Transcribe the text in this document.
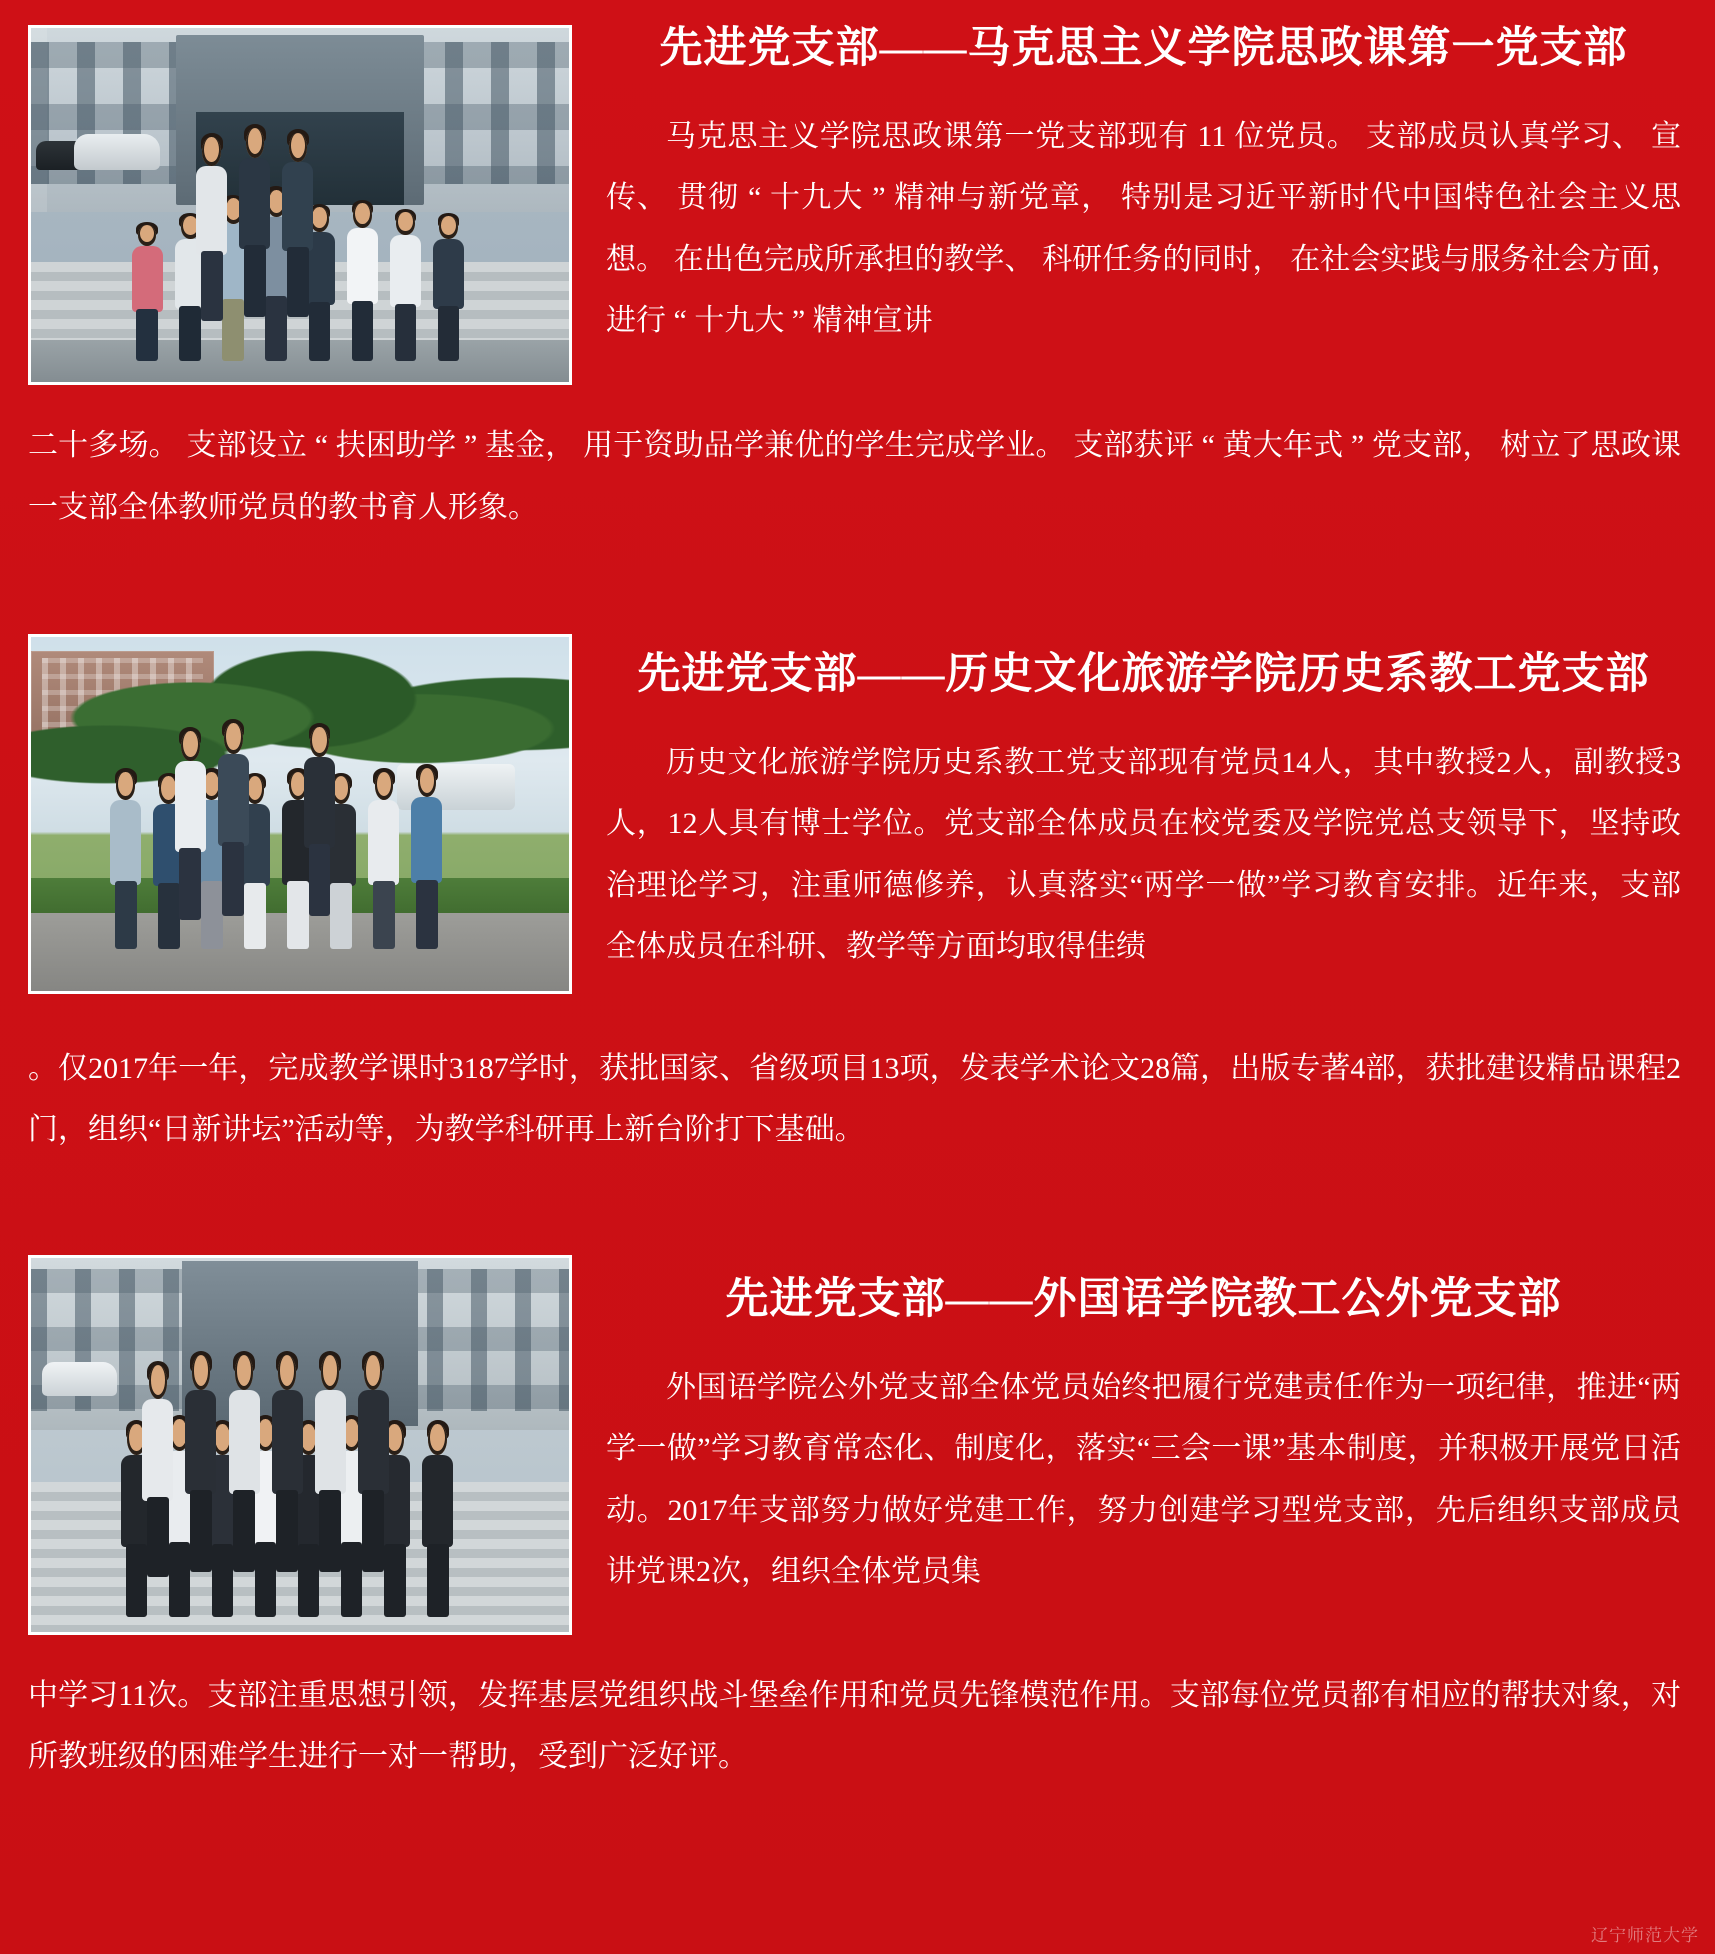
先进党支部——马克思主义学院思政课第一党支部

马克思主义学院思政课第一党支部现有 11 位党员。 支部成员认真学习、 宣传、 贯彻 “ 十九大 ” 精神与新党章， 特别是习近平新时代中国特色社会主义思想。 在出色完成所承担的教学、 科研任务的同时， 在社会实践与服务社会方面， 进行 “ 十九大 ” 精神宣讲

二十多场。 支部设立 “ 扶困助学 ” 基金， 用于资助品学兼优的学生完成学业。 支部获评 “ 黄大年式 ” 党支部， 树立了思政课一支部全体教师党员的教书育人形象。

先进党支部——历史文化旅游学院历史系教工党支部

历史文化旅游学院历史系教工党支部现有党员14人，其中教授2人，副教授3人，12人具有博士学位。党支部全体成员在校党委及学院党总支领导下，坚持政治理论学习，注重师德修养，认真落实“两学一做”学习教育安排。近年来，支部全体成员在科研、教学等方面均取得佳绩

。仅2017年一年，完成教学课时3187学时，获批国家、省级项目13项，发表学术论文28篇，出版专著4部，获批建设精品课程2门，组织“日新讲坛”活动等，为教学科研再上新台阶打下基础。

先进党支部——外国语学院教工公外党支部

外国语学院公外党支部全体党员始终把履行党建责任作为一项纪律，推进“两学一做”学习教育常态化、制度化，落实“三会一课”基本制度，并积极开展党日活动。2017年支部努力做好党建工作，努力创建学习型党支部，先后组织支部成员讲党课2次，组织全体党员集

中学习11次。支部注重思想引领，发挥基层党组织战斗堡垒作用和党员先锋模范作用。支部每位党员都有相应的帮扶对象，对所教班级的困难学生进行一对一帮助，受到广泛好评。

辽宁师范大学
